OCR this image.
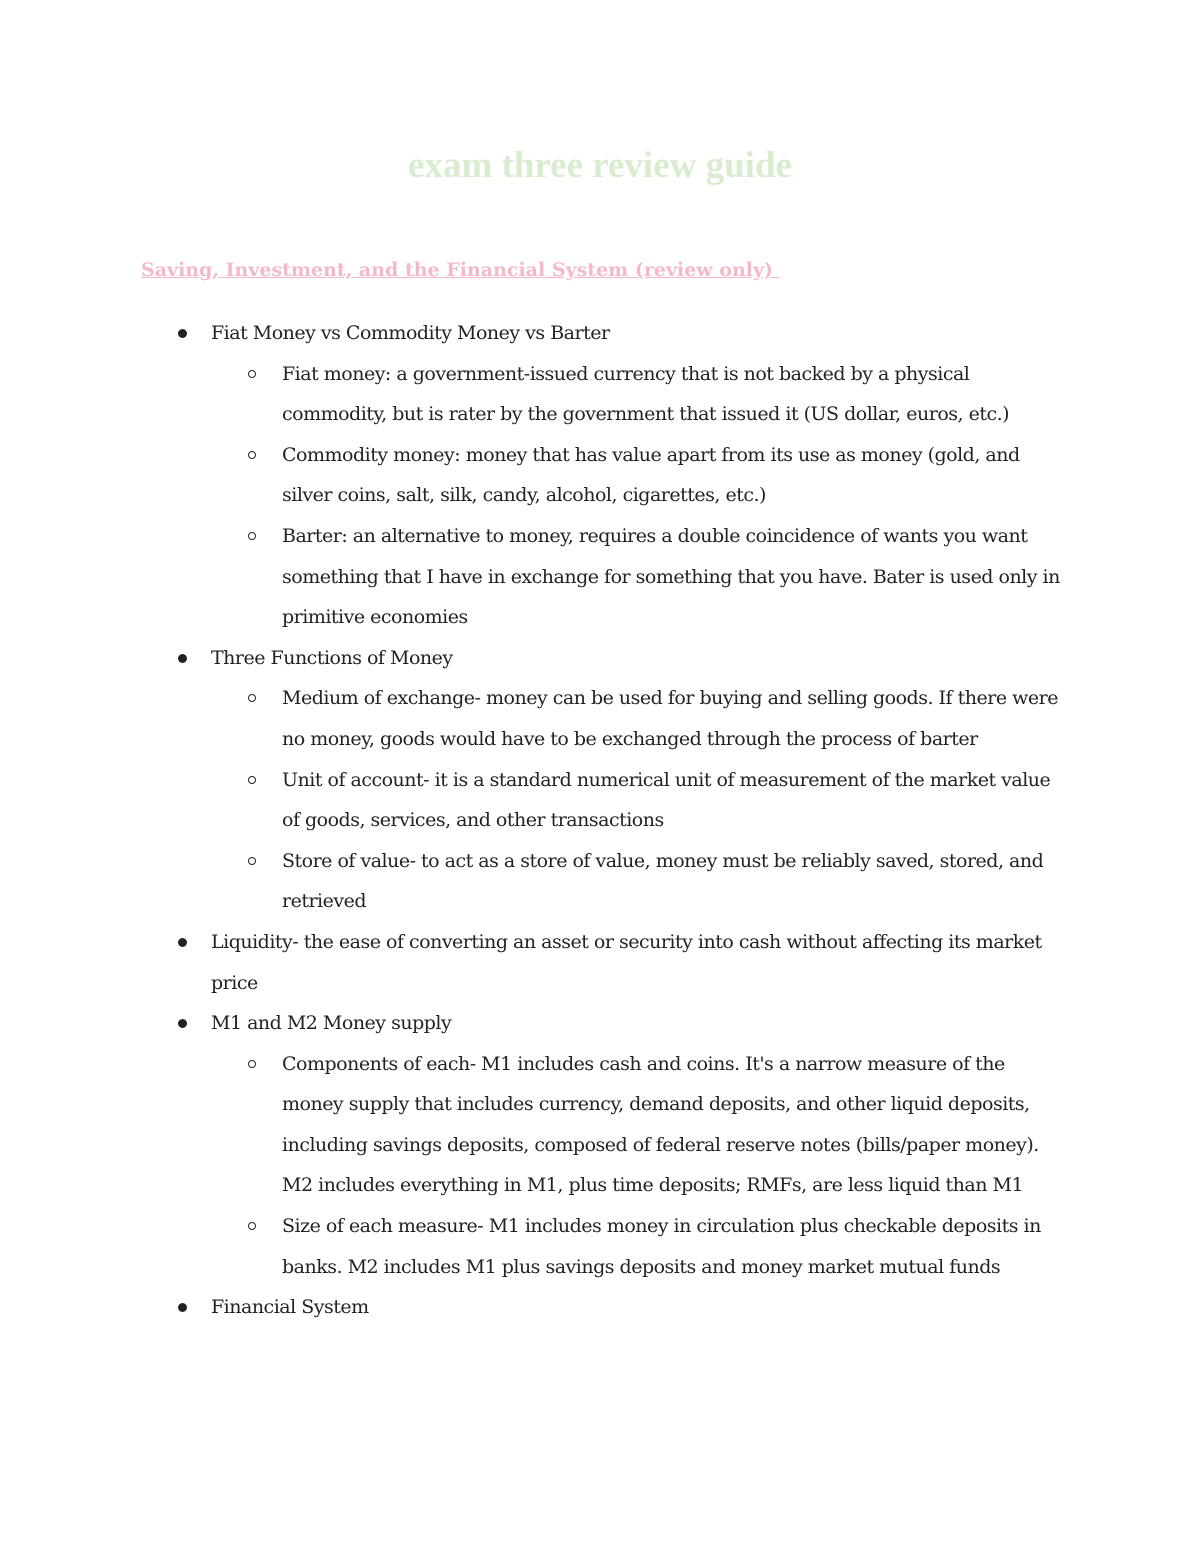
exam three review guide
Saving, Investment, and the Financial System (review only)
Fiat Money vs Commodity Money vs Barter
Fiat money: a government-issued currency that is not backed by a physical commodity, but is rater by the government that issued it (US dollar, euros, etc.)
Commodity money: money that has value apart from its use as money (gold, and silver coins, salt, silk, candy, alcohol, cigarettes, etc.)
Barter: an alternative to money, requires a double coincidence of wants you want something that I have in exchange for something that you have. Bater is used only in primitive economies
Three Functions of Money
Medium of exchange- money can be used for buying and selling goods. If there were no money, goods would have to be exchanged through the process of barter
Unit of account- it is a standard numerical unit of measurement of the market value of goods, services, and other transactions
Store of value- to act as a store of value, money must be reliably saved, stored, and retrieved
Liquidity- the ease of converting an asset or security into cash without affecting its market price
M1 and M2 Money supply
Components of each- M1 includes cash and coins. It's a narrow measure of the money supply that includes currency, demand deposits, and other liquid deposits, including savings deposits, composed of federal reserve notes (bills/paper money). M2 includes everything in M1, plus time deposits; RMFs, are less liquid than M1
Size of each measure- M1 includes money in circulation plus checkable deposits in banks. M2 includes M1 plus savings deposits and money market mutual funds
Financial System
